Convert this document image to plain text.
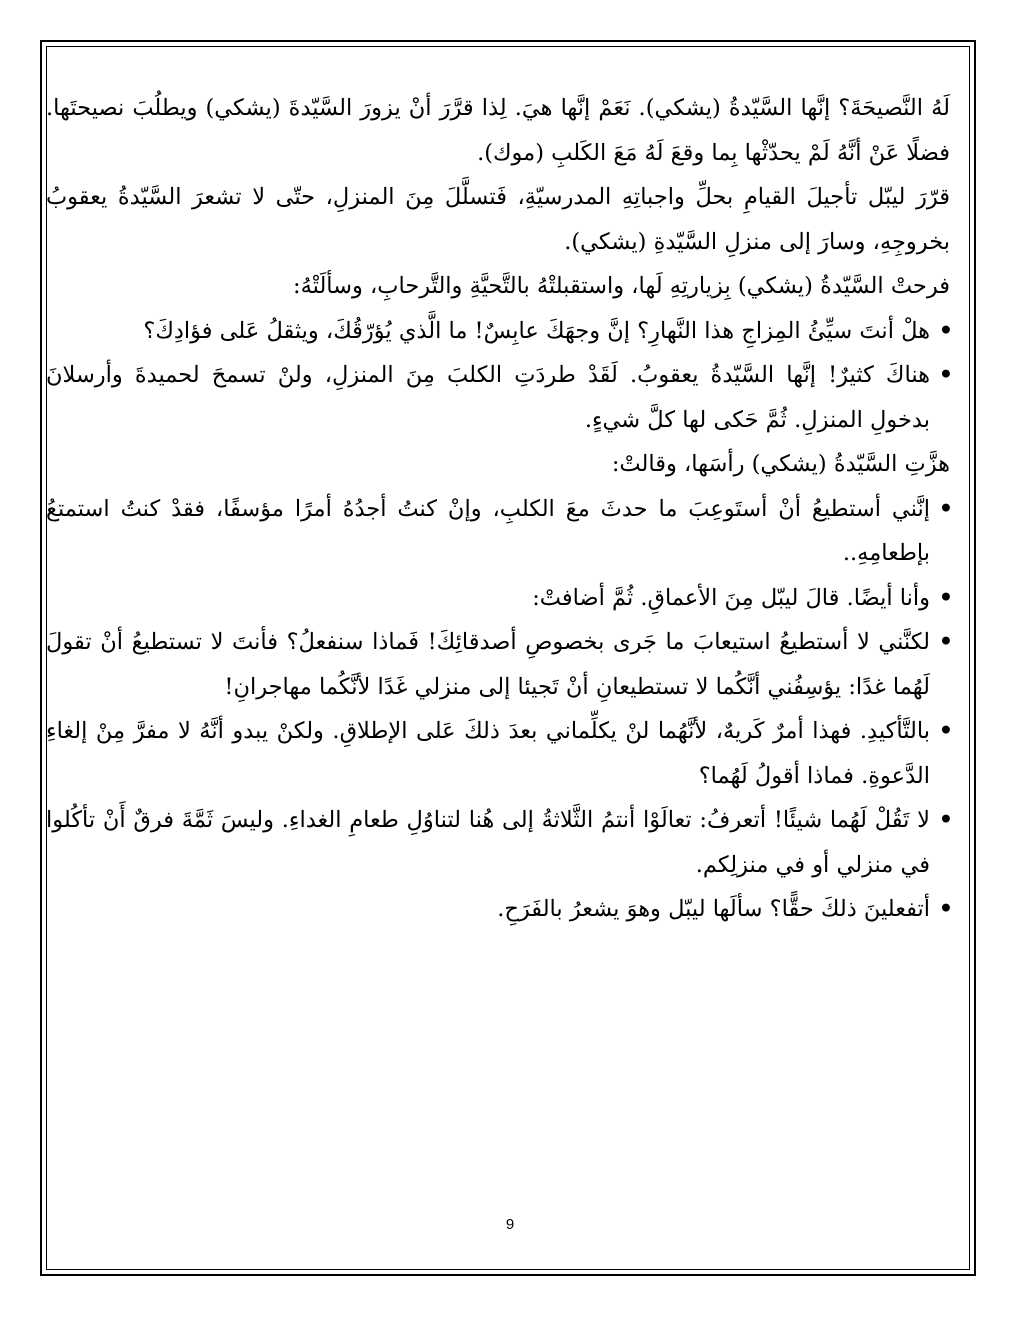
لَهُ النَّصيحَةَ؟ إنَّها السَّيّدةُ (يشكي). نَعَمْ إنَّها هيَ. لِذا قرَّرَ أنْ يزورَ السَّيّدةَ (يشكي) ويطلُبَ نصيحتَها. فضلًا عَنْ أنَّهُ لَمْ يحدّثْها بِما وقعَ لَهُ مَعَ الكَلبِ (موك).

قرّرَ ليبّل تأجيلَ القيامِ بحلِّ واجباتِهِ المدرسيّةِ، فَتسلَّلَ مِنَ المنزلِ، حتّى لا تشعرَ السَّيّدةُ يعقوبُ بخروجِهِ، وسارَ إلى منزلِ السَّيّدةِ (يشكي).

فرحتْ السَّيّدةُ (يشكي) بِزيارتِهِ لَها، واستقبلتْهُ بالتَّحيَّةِ والتَّرحابِ، وسألَتْهُ:

•
هلْ أنتَ سيِّئُ المِزاجِ هذا النَّهارِ؟ إنَّ وجهَكَ عابِسٌ! ما الَّذي يُؤرّقُكَ، ويثقلُ عَلى فؤادِكَ؟
•
هناكَ كثيرٌ! إنَّها السَّيّدةُ يعقوبُ. لَقَدْ طردَتِ الكلبَ مِنَ المنزلِ، ولنْ تسمحَ لحميدةَ وأرسلانَ بدخولِ المنزلِ. ثُمَّ حَكى لها كلَّ شيءٍ.

هزَّتِ السَّيّدةُ (يشكي) رأسَها، وقالتْ:

•
إنَّني أستطيعُ أنْ أستَوعِبَ ما حدثَ معَ الكلبِ، وإنْ كنتُ أجدُهُ أمرًا مؤسفًا، فقدْ كنتُ استمتعُ بإطعامِهِ..
•
وأنا أيضًا. قالَ ليبّل مِنَ الأعماقِ. ثُمَّ أضافتْ:
•
لكنَّني لا أستطيعُ استيعابَ ما جَرى بخصوصِ أصدقائِكَ! فَماذا سنفعلُ؟ فأنتَ لا تستطيعُ أنْ تقولَ لَهُما غدًا: يؤسِفُني أنَّكُما لا تستطيعانِ أنْ تَجيئا إلى منزلي غَدًا لأنَّكُما مهاجرانِ!
•
بالتَّأكيدِ. فهذا أمرٌ كَريهٌ، لأنَّهُما لنْ يكلِّماني بعدَ ذلكَ عَلى الإطلاقِ. ولكنْ يبدو أنَّهُ لا مفرَّ مِنْ إلغاءِ الدَّعوةِ. فماذا أقولُ لَهُما؟
•
لا تَقُلْ لَهُما شيئًا! أتعرفُ: تعالَوْا أنتمُ الثَّلاثةُ إلى هُنا لتناوُلِ طعامِ الغداءِ. وليسَ ثَمَّةَ فرقٌ أَنْ تأكُلوا في منزلي أو في منزلِكم.
•
أتفعلينَ ذلكَ حقًّا؟ سألَها ليبّل وهوَ يشعرُ بالفَرَحِ.
9
